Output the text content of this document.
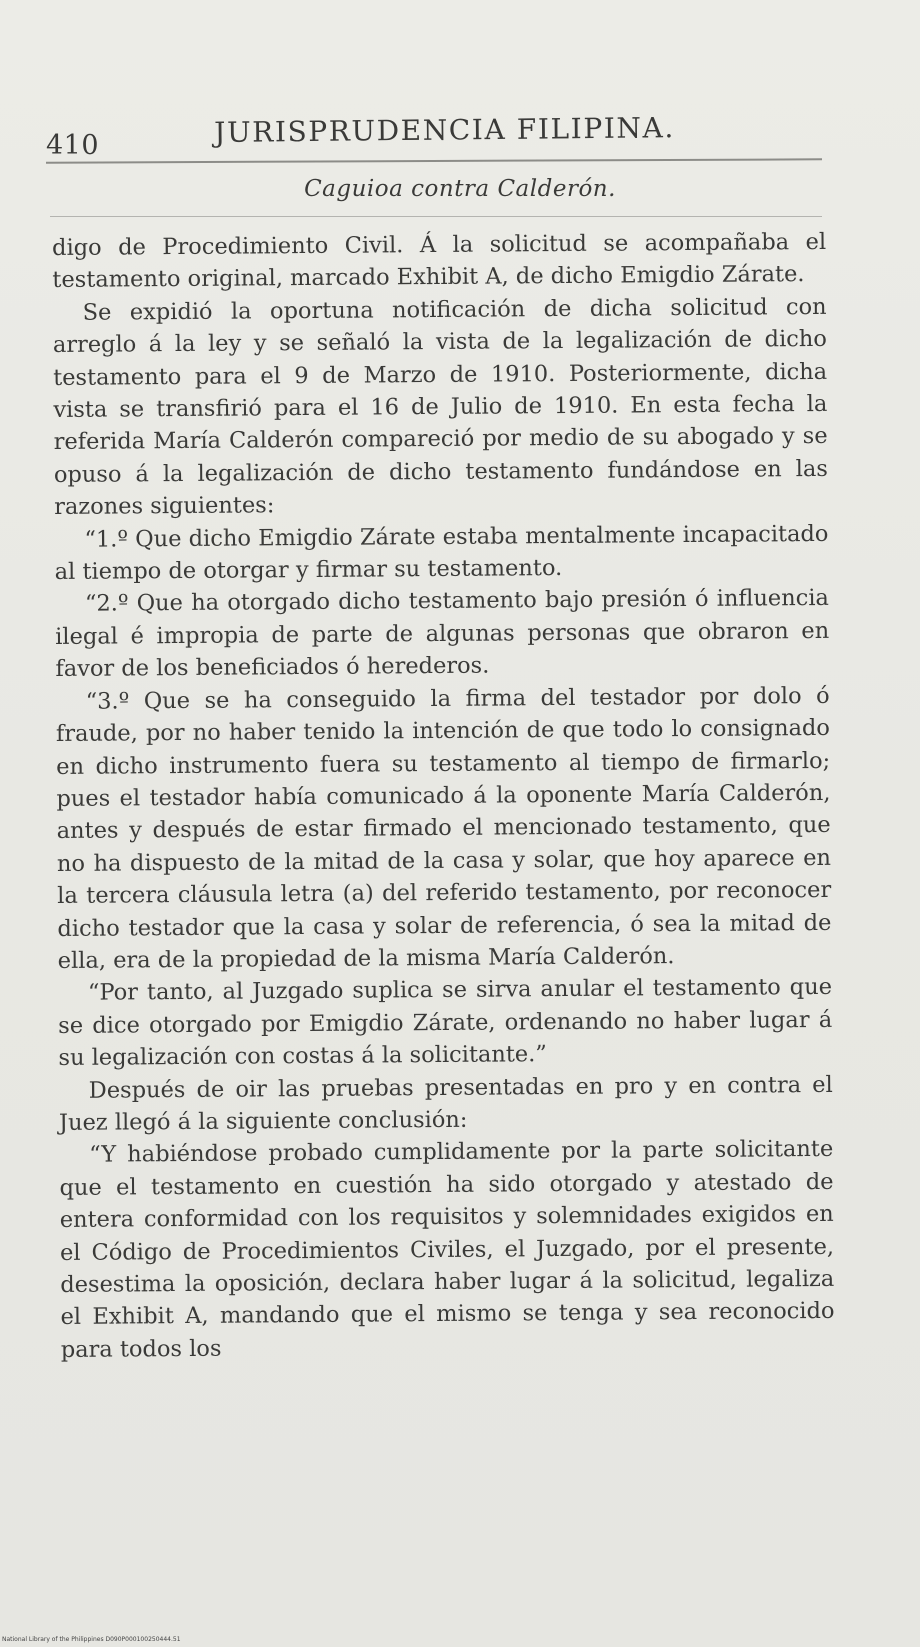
410	JURISPRUDENCIA FILIPINA.
Caguioa contra Calderón.

digo de Procedimiento Civil. Á la solicitud se acompañaba el testamento original, marcado Exhibit A, de dicho Emigdio Zárate.

Se expidió la oportuna notificación de dicha solicitud con arreglo á la ley y se señaló la vista de la legalización de dicho testamento para el 9 de Marzo de 1910. Posteriormente, dicha vista se transfirió para el 16 de Julio de 1910. En esta fecha la referida María Calderón compareció por medio de su abogado y se opuso á la legalización de dicho testamento fundándose en las razones siguientes:

“1.º Que dicho Emigdio Zárate estaba mentalmente incapacitado al tiempo de otorgar y firmar su testamento.

“2.º Que ha otorgado dicho testamento bajo presión ó influencia ilegal é impropia de parte de algunas personas que obraron en favor de los beneficiados ó herederos.

“3.º Que se ha conseguido la firma del testador por dolo ó fraude, por no haber tenido la intención de que todo lo consignado en dicho instrumento fuera su testamento al tiempo de firmarlo; pues el testador había comunicado á la oponente María Calderón, antes y después de estar firmado el mencionado testamento, que no ha dispuesto de la mitad de la casa y solar, que hoy aparece en la tercera cláusula letra (a) del referido testamento, por reconocer dicho testador que la casa y solar de referencia, ó sea la mitad de ella, era de la propiedad de la misma María Calderón.

“Por tanto, al Juzgado suplica se sirva anular el testamento que se dice otorgado por Emigdio Zárate, ordenando no haber lugar á su legalización con costas á la solicitante.”

Después de oir las pruebas presentadas en pro y en contra el Juez llegó á la siguiente conclusión:

“Y habiéndose probado cumplidamente por la parte solicitante que el testamento en cuestión ha sido otorgado y atestado de entera conformidad con los requisitos y solemnidades exigidos en el Código de Procedimientos Civiles, el Juzgado, por el presente, desestima la oposición, declara haber lugar á la solicitud, legaliza el Exhibit A, mandando que el mismo se tenga y sea reconocido para todos los

National Library of the Philippines D090P000100250444.51
